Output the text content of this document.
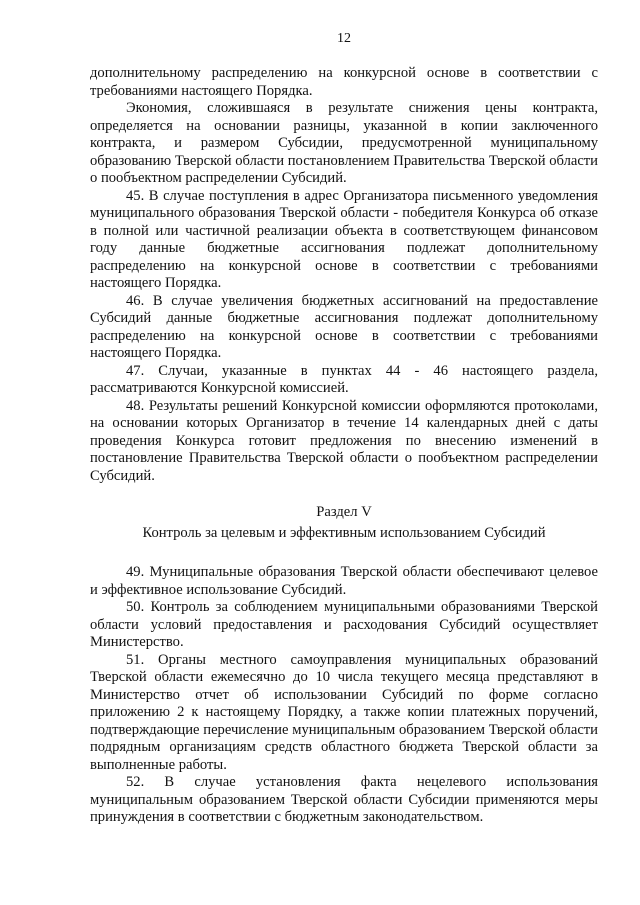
12

дополнительному распределению на конкурсной основе в соответствии с требованиями настоящего Порядка.

Экономия, сложившаяся в результате снижения цены контракта, определяется на основании разницы, указанной в копии заключенного контракта, и размером Субсидии, предусмотренной муниципальному образованию Тверской области постановлением Правительства Тверской области о пообъектном распределении Субсидий.

45. В случае поступления в адрес Организатора письменного уведомления муниципального образования Тверской области - победителя Конкурса об отказе в полной или частичной реализации объекта в соответствующем финансовом году данные бюджетные ассигнования подлежат дополнительному распределению на конкурсной основе в соответствии с требованиями настоящего Порядка.

46. В случае увеличения бюджетных ассигнований на предоставление Субсидий данные бюджетные ассигнования подлежат дополнительному распределению на конкурсной основе в соответствии с требованиями настоящего Порядка.

47. Случаи, указанные в пунктах 44 - 46 настоящего раздела, рассматриваются Конкурсной комиссией.

48. Результаты решений Конкурсной комиссии оформляются протоколами, на основании которых Организатор в течение 14 календарных дней с даты проведения Конкурса готовит предложения по внесению изменений в постановление Правительства Тверской области о пообъектном распределении Субсидий.

Раздел V
Контроль за целевым и эффективным использованием Субсидий

49. Муниципальные образования Тверской области обеспечивают целевое и эффективное использование Субсидий.

50. Контроль за соблюдением муниципальными образованиями Тверской области условий предоставления и расходования Субсидий осуществляет Министерство.

51. Органы местного самоуправления муниципальных образований Тверской области ежемесячно до 10 числа текущего месяца представляют в Министерство отчет об использовании Субсидий по форме согласно приложению 2 к настоящему Порядку, а также копии платежных поручений, подтверждающие перечисление муниципальным образованием Тверской области подрядным организациям средств областного бюджета Тверской области за выполненные работы.

52. В случае установления факта нецелевого использования муниципальным образованием Тверской области Субсидии применяются меры принуждения в соответствии с бюджетным законодательством.
